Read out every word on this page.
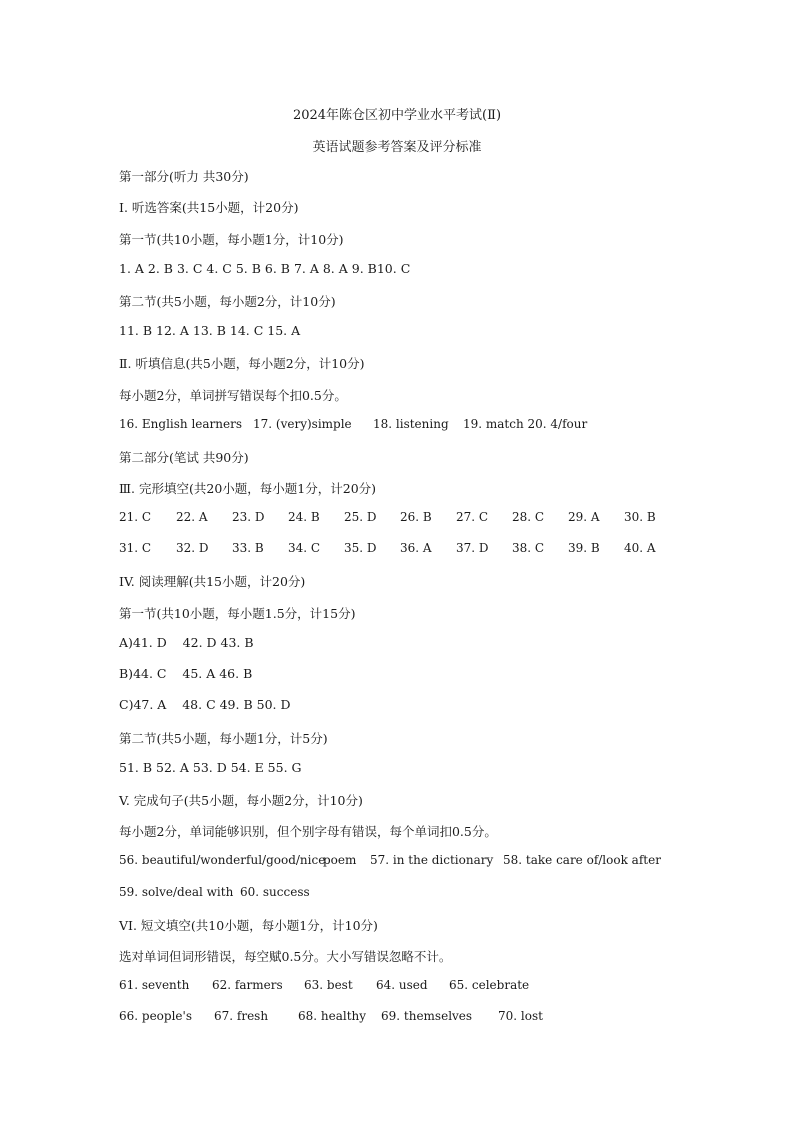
2024年陈仓区初中学业水平考试(Ⅱ)
英语试题参考答案及评分标准
第一部分(听力 共30分)
I. 听选答案(共15小题，计20分)
第一节(共10小题，每小题1分，计10分)
1. A 2. B 3. C 4. C 5. B 6. B 7. A 8. A 9. B10. C
第二节(共5小题，每小题2分，计10分)
11. B 12. A 13. B 14. C 15. A
Ⅱ. 听填信息(共5小题，每小题2分，计10分)
每小题2分，单词拼写错误每个扣0.5分。
16. English learners 17. (very)simple 18. listening 19. match 20. 4/four
第二部分(笔试 共90分)
Ⅲ. 完形填空(共20小题，每小题1分，计20分)
21. C 22. A 23. D 24. B 25. D 26. B 27. C 28. C 29. A 30. B
31. C 32. D 33. B 34. C 35. D 36. A 37. D 38. C 39. B 40. A
IV. 阅读理解(共15小题，计20分)
第一节(共10小题，每小题1.5分，计15分)
A)41. D    42. D 43. B
B)44. C    45. A 46. B
C)47. A    48. C 49. B 50. D
第二节(共5小题，每小题1分，计5分)
51. B 52. A 53. D 54. E 55. G
V. 完成句子(共5小题，每小题2分，计10分)
每小题2分，单词能够识别，但个别字母有错误，每个单词扣0.5分。
56. beautiful/wonderful/good/nice
poem 57. in the dictionary 58. take care of/look after
59. solve/deal with 60. success
VI. 短文填空(共10小题，每小题1分，计10分)
选对单词但词形错误，每空赋0.5分。大小写错误忽略不计。
61. seventh 62. farmers 63. best 64. used 65. celebrate
66. people's 67. fresh 68. healthy 69. themselves 70. lost
